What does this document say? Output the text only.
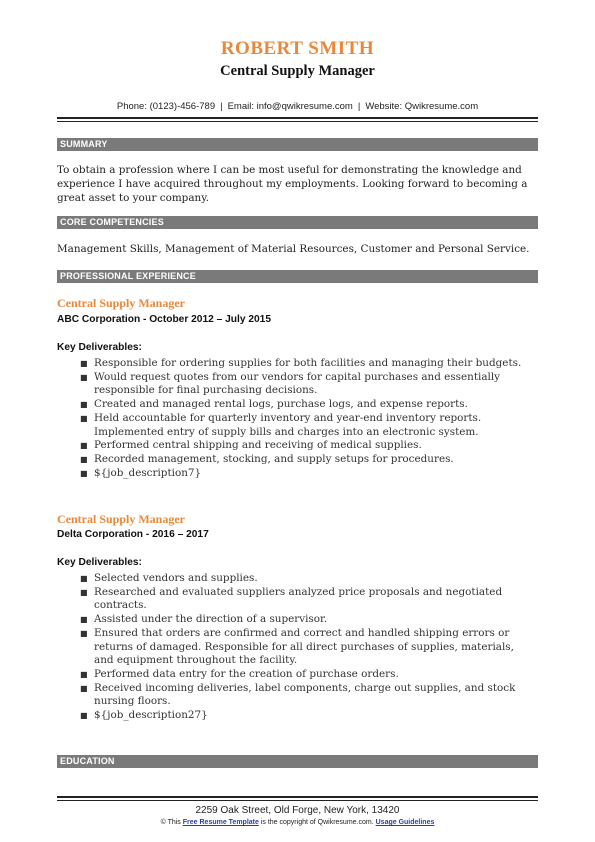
ROBERT SMITH
Central Supply Manager
Phone: (0123)-456-789 | Email: info@qwikresume.com | Website: Qwikresume.com
SUMMARY
To obtain a profession where I can be most useful for demonstrating the knowledge and experience I have acquired throughout my employments. Looking forward to becoming a great asset to your company.
CORE COMPETENCIES
Management Skills, Management of Material Resources, Customer and Personal Service.
PROFESSIONAL EXPERIENCE
Central Supply Manager
ABC Corporation - October 2012 – July 2015
Key Deliverables:
■ Responsible for ordering supplies for both facilities and managing their budgets.
■ Would request quotes from our vendors for capital purchases and essentially responsible for final purchasing decisions.
■ Created and managed rental logs, purchase logs, and expense reports.
■ Held accountable for quarterly inventory and year-end inventory reports. Implemented entry of supply bills and charges into an electronic system.
■ Performed central shipping and receiving of medical supplies.
■ Recorded management, stocking, and supply setups for procedures.
■ ${job_description7}
Central Supply Manager
Delta Corporation - 2016 – 2017
Key Deliverables:
■ Selected vendors and supplies.
■ Researched and evaluated suppliers analyzed price proposals and negotiated contracts.
■ Assisted under the direction of a supervisor.
■ Ensured that orders are confirmed and correct and handled shipping errors or returns of damaged. Responsible for all direct purchases of supplies, materials, and equipment throughout the facility.
■ Performed data entry for the creation of purchase orders.
■ Received incoming deliveries, label components, charge out supplies, and stock nursing floors.
■ ${job_description27}
EDUCATION
2259 Oak Street, Old Forge, New York, 13420
© This Free Resume Template is the copyright of Qwikresume.com. Usage Guidelines
